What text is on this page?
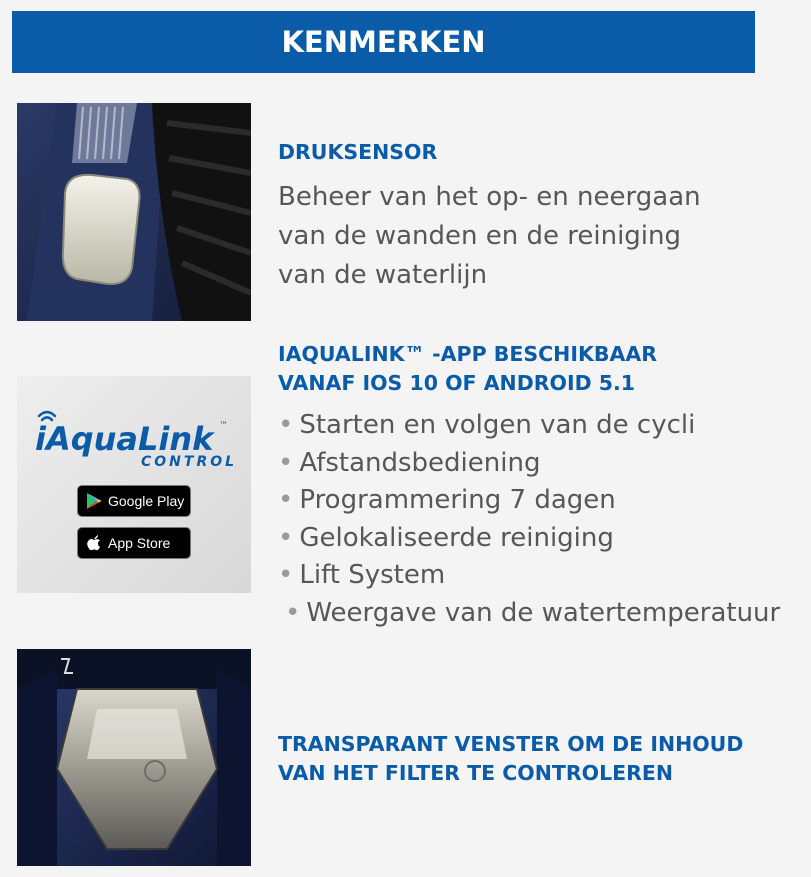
KENMERKEN
iAquaLink ™
CONTROL
Google Play
App Store
DRUKSENSOR
Beheer van het op- en neergaan
van de wanden en de reiniging
van de waterlijn
IAQUALINK™ -APP BESCHIKBAAR
VANAF IOS 10 OF ANDROID 5.1
• Starten en volgen van de cycli
• Afstandsbediening
• Programmering 7 dagen
• Gelokaliseerde reiniging
• Lift System
• Weergave van de watertemperatuur
TRANSPARANT VENSTER OM DE INHOUD
VAN HET FILTER TE CONTROLEREN
